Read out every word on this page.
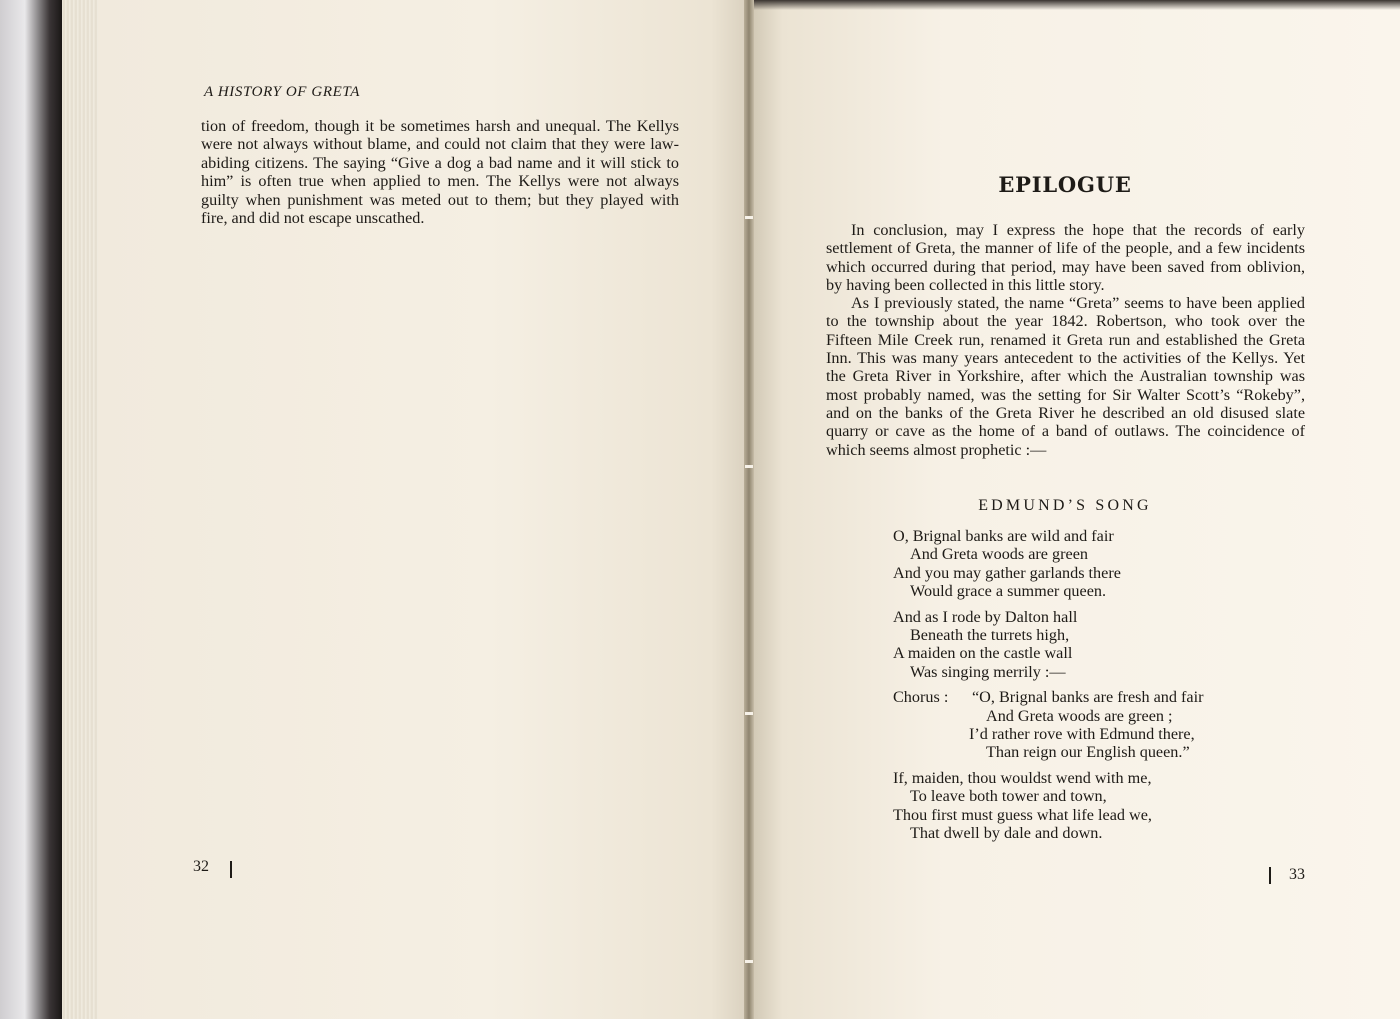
A HISTORY OF GRETA

tion of freedom, though it be sometimes harsh and unequal. The Kellys were not always without blame, and could not claim that they were law-abiding citizens. The saying “Give a dog a bad name and it will stick to him” is often true when applied to men. The Kellys were not always guilty when punishment was meted out to them; but they played with fire, and did not escape unscathed.

32
EPILOGUE

In conclusion, may I express the hope that the records of early settlement of Greta, the manner of life of the people, and a few incidents which occurred during that period, may have been saved from oblivion, by having been collected in this little story.

As I previously stated, the name “Greta” seems to have been applied to the township about the year 1842. Robertson, who took over the Fifteen Mile Creek run, renamed it Greta run and established the Greta Inn. This was many years antecedent to the activities of the Kellys. Yet the Greta River in Yorkshire, after which the Australian township was most probably named, was the setting for Sir Walter Scott’s “Rokeby”, and on the banks of the Greta River he described an old disused slate quarry or cave as the home of a band of outlaws. The coincidence of which seems almost prophetic :—

EDMUND’S SONG
O, Brignal banks are wild and fair
And Greta woods are green
And you may gather garlands there
Would grace a summer queen.
And as I rode by Dalton hall
Beneath the turrets high,
A maiden on the castle wall
Was singing merrily :—
Chorus : “O, Brignal banks are fresh and fair
And Greta woods are green ;
I’d rather rove with Edmund there,
Than reign our English queen.”
If, maiden, thou wouldst wend with me,
To leave both tower and town,
Thou first must guess what life lead we,
That dwell by dale and down.
33
